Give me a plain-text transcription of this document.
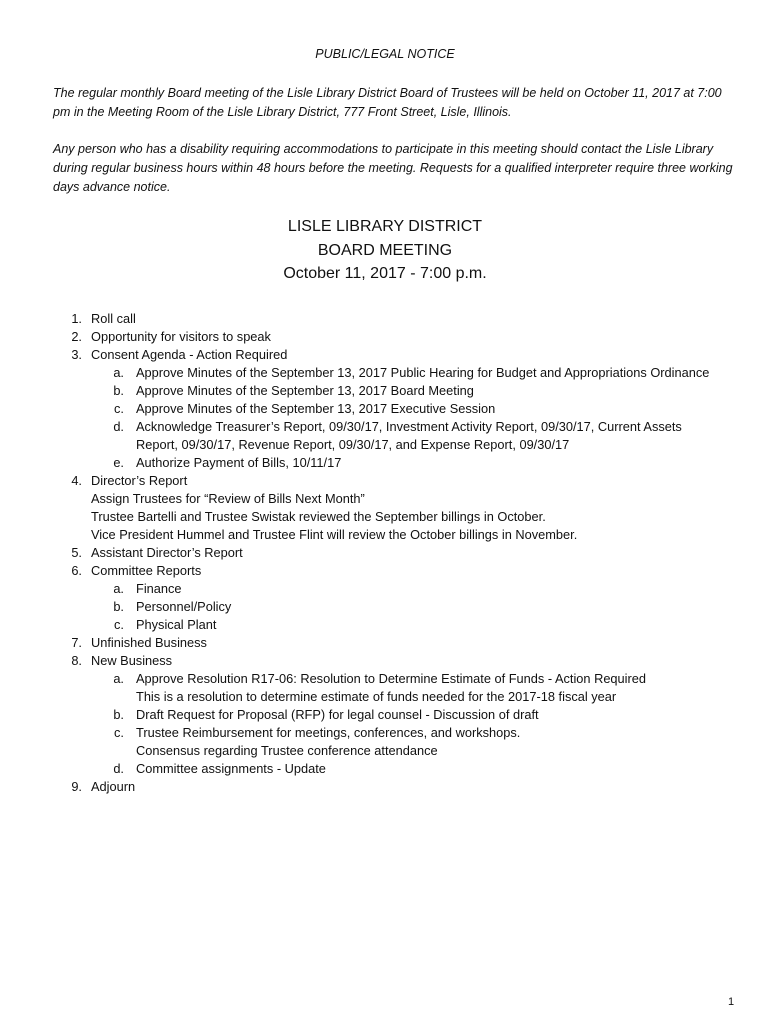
PUBLIC/LEGAL NOTICE

The regular monthly Board meeting of the Lisle Library District Board of Trustees will be held on October 11, 2017 at 7:00 pm in the Meeting Room of the Lisle Library District, 777 Front Street, Lisle, Illinois.

Any person who has a disability requiring accommodations to participate in this meeting should contact the Lisle Library during regular business hours within 48 hours before the meeting. Requests for a qualified interpreter require three working days advance notice.

LISLE LIBRARY DISTRICT
BOARD MEETING
October 11, 2017 - 7:00 p.m.
1. Roll call
2. Opportunity for visitors to speak
3. Consent Agenda - Action Required
a. Approve Minutes of the September 13, 2017 Public Hearing for Budget and Appropriations Ordinance
b. Approve Minutes of the September 13, 2017 Board Meeting
c. Approve Minutes of the September 13, 2017 Executive Session
d. Acknowledge Treasurer’s Report, 09/30/17, Investment Activity Report, 09/30/17, Current Assets
Report, 09/30/17, Revenue Report, 09/30/17, and Expense Report, 09/30/17
e. Authorize Payment of Bills, 10/11/17
4. Director’s Report
Assign Trustees for “Review of Bills Next Month”
Trustee Bartelli and Trustee Swistak reviewed the September billings in October.
Vice President Hummel and Trustee Flint will review the October billings in November.
5. Assistant Director’s Report
6. Committee Reports
a. Finance
b. Personnel/Policy
c. Physical Plant
7. Unfinished Business
8. New Business
a. Approve Resolution R17-06: Resolution to Determine Estimate of Funds - Action Required
This is a resolution to determine estimate of funds needed for the 2017-18 fiscal year
b. Draft Request for Proposal (RFP) for legal counsel - Discussion of draft
c. Trustee Reimbursement for meetings, conferences, and workshops.
Consensus regarding Trustee conference attendance
d. Committee assignments - Update
9. Adjourn
1
